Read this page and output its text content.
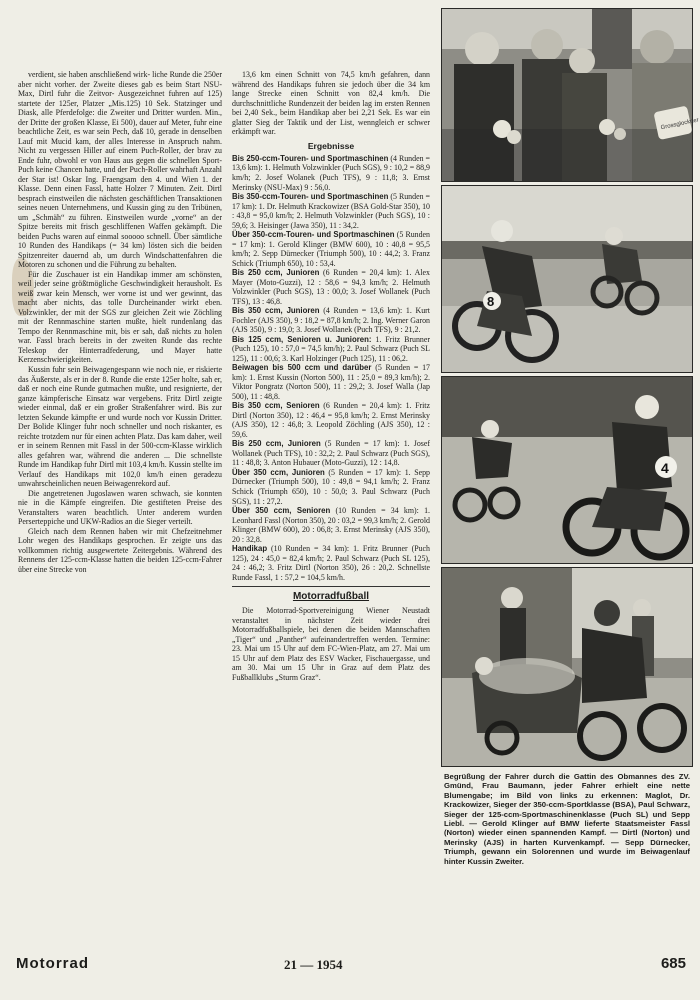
verdient, sie haben anschließend wirk- liche Runde die 250er aber nicht vorher. der Zweite dieses gab es beim Start NSU-Max, Dirtl fuhr die Zeitvor- Ausgezeichnet fuhren auf 125) startete der 125er, Platzer „Mis.125) 10 Sek. Statzinger und Diask, alle Pferdefolge: die Zweiter und Dritter wurden. Min., der Dritte der großen Klasse, Ei 500), dauer auf Meter, fuhr eine beachtliche Zeit, es war sein Pech, daß 10, gerade in denselben Lauf mit Mucid kam, der alles Interesse in Anspruch nahm. Nicht zu vergessen Hiller auf einem Puch-Roller, der brav zu Ende fuhr, obwohl er von Haus aus gegen die schnellen Sport-Puch keine Chancen hatte, und der Puch-Roller wahrhaft Anzahl der Star ist! Oskar Ing. Fraengsam den 4. und Wien 1. der Klasse. Denn einen Fassl, hatte Holzer 7 Minuten. Zeit. Dirtl besprach einstweilen die nächsten geschäftlichen Transaktionen seines neuen Unternehmens, und Kussin ging zu den Tribünen, um „Schmäh“ zu führen. Einstweilen wurde „vorne“ an der Spitze bereits mit frisch geschliffenen Waffen gekämpft. Die beiden Puchs waren auf einmal sooooo schnell. Über sämtliche 10 Runden des Handikaps (= 34 km) lösten sich die beiden Spitzenreiter dauernd ab, um durch Windschattenfahren die Motoren zu schonen und die Führung zu behalten.

Für die Zuschauer ist ein Handikap immer am schönsten, weil jeder seine größtmögliche Geschwindigkeit herausholt. Es weiß zwar kein Mensch, wer vorne ist und wer gewinnt, das macht aber nichts, das tolle Durcheinander wirkt eben. Volzwinkler, der mit der SGS zur gleichen Zeit wie Zöchling mit der Rennmaschine starten mußte, hielt rundenlang das Tempo der Rennmaschine mit, bis er sah, daß nichts zu holen war. Fassl brach bereits in der zweiten Runde das rechte Teleskop der Hinterradfederung, und Mayer hatte Kerzenschwierigkeiten.

Kussin fuhr sein Beiwagengespann wie noch nie, er riskierte das Äußerste, als er in der 8. Runde die erste 125er holte, sah er, daß er noch eine Runde gutmachen mußte, und resignierte, der ganze kämpferische Einsatz war vergebens. Fritz Dirtl zeigte wieder einmal, daß er ein großer Straßenfahrer wird. Bis zur letzten Sekunde kämpfte er und wurde noch vor Kussin Dritter. Der Bolide Klinger fuhr noch schneller und noch riskanter, es reichte trotzdem nur für einen achten Platz. Das kam daher, weil er in seinem Rennen mit Fassl in der 500-ccm-Klasse wirklich alles gefahren war, während die anderen ... Die schnellste Runde im Handikap fuhr Dirtl mit 103,4 km/h. Kussin stellte im Verlauf des Handikaps mit 102,0 km/h einen geradezu unwahrscheinlichen neuen Beiwagenrekord auf.

Die angetretenen Jugoslawen waren schwach, sie konnten nie in die Kämpfe eingreifen. Die gestifteten Preise des Veranstalters waren beachtlich. Unter anderem wurden Perserteppiche und UKW-Radios an die Sieger verteilt.

Gleich nach dem Rennen haben wir mit Chefzeitnehmer Lohr wegen des Handikaps gesprochen. Er zeigte uns das vollkommen richtig ausgewertete Zeitergebnis. Während des Rennens der 125-ccm-Klasse hatten die beiden 125-ccm-Fahrer über eine Strecke von

13,6 km einen Schnitt von 74,5 km/h gefahren, dann während des Handikaps fuhren sie jedoch über die 34 km lange Strecke einen Schnitt von 82,4 km/h. Die durchschnittliche Rundenzeit der beiden lag im ersten Rennen bei 2,40 Sek., beim Handikap aber bei 2,21 Sek. Es war ein glatter Sieg der Taktik und der List, wenngleich er schwer erkämpft war.

Ergebnisse

Bis 250-ccm-Touren- und Sportmaschinen (4 Runden = 13,6 km): 1. Helmuth Volzwinkler (Puch SGS), 9 : 10,2 = 88,9 km/h; 2. Josef Wolanek (Puch TFS), 9 : 11,8; 3. Ernst Merinsky (NSU-Max) 9 : 56,0.

Bis 350-ccm-Touren- und Sportmaschinen (5 Runden = 17 km): 1. Dr. Helmuth Krackowizer (BSA Gold-Star 350), 10 : 43,8 = 95,0 km/h; 2. Helmuth Volzwinkler (Puch SGS), 10 : 59,6; 3. Heisinger (Jawa 350), 11 : 34,2.

Über 350-ccm-Touren- und Sportmaschinen (5 Runden = 17 km): 1. Gerold Klinger (BMW 600), 10 : 40,8 = 95,5 km/h; 2. Sepp Dürnecker (Triumph 500), 10 : 44,2; 3. Franz Schick (Triumph 650), 10 : 53,4.

Bis 250 ccm, Junioren (6 Runden = 20,4 km): 1. Alex Mayer (Moto-Guzzi), 12 : 58,6 = 94,3 km/h; 2. Helmuth Volzwinkler (Puch SGS), 13 : 00,0; 3. Josef Wollanek (Puch TFS), 13 : 46,8.

Bis 350 ccm, Junioren (4 Runden = 13,6 km): 1. Kurt Fochler (AJS 350), 9 : 18,2 = 87,8 km/h; 2. Ing. Werner Garon (AJS 350), 9 : 19,0; 3. Josef Wollanek (Puch TFS), 9 : 21,2.

Bis 125 ccm, Senioren u. Junioren: 1. Fritz Brunner (Puch 125), 10 : 57,0 = 74,5 km/h); 2. Paul Schwarz (Puch SL 125), 11 : 00,6; 3. Karl Holzinger (Puch 125), 11 : 06,2.

Beiwagen bis 500 ccm und darüber (5 Runden = 17 km): 1. Ernst Kussin (Norton 500), 11 : 25,0 = 89,3 km/h); 2. Viktor Pongratz (Norton 500), 11 : 29,2; 3. Josef Walla (Jap 500), 11 : 48,8.

Bis 350 ccm, Senioren (6 Runden = 20,4 km): 1. Fritz Dirtl (Norton 350), 12 : 46,4 = 95,8 km/h; 2. Ernst Merinsky (AJS 350), 12 : 46,8; 3. Leopold Zöchling (AJS 350), 12 : 59,6.

Bis 250 ccm, Junioren (5 Runden = 17 km): 1. Josef Wollanek (Puch TFS), 10 : 32,2; 2. Paul Schwarz (Puch SGS), 11 : 48,8; 3. Anton Hubauer (Moto-Guzzi), 12 : 14,8.

Über 350 ccm, Junioren (5 Runden = 17 km): 1. Sepp Dürnecker (Triumph 500), 10 : 49,8 = 94,1 km/h; 2. Franz Schick (Triumph 650), 10 : 50,0; 3. Paul Schwarz (Puch SGS), 11 : 27,2.

Über 350 ccm, Senioren (10 Runden = 34 km): 1. Leonhard Fassl (Norton 350), 20 : 03,2 = 99,3 km/h; 2. Gerold Klinger (BMW 600), 20 : 06,8; 3. Ernst Merinsky (AJS 350), 20 : 32,8.

Handikap (10 Runden = 34 km): 1. Fritz Brunner (Puch 125), 24 : 45,0 = 82,4 km/h; 2. Paul Schwarz (Puch SL 125), 24 : 46,2; 3. Fritz Dirtl (Norton 350), 26 : 20,2. Schnellste Runde Fassl, 1 : 57,2 = 104,5 km/h.

Motorradfußball

Die Motorrad-Sportvereinigung Wiener Neustadt veranstaltet in nächster Zeit wieder drei Motorradfußballspiele, bei denen die beiden Mannschaften „Tiger“ und „Panther“ aufeinandertreffen werden. Termine: 23. Mai um 15 Uhr auf dem FC-Wien-Platz, am 27. Mai um 15 Uhr auf dem Platz des ESV Wacker, Fischauergasse, und am 30. Mai um 15 Uhr in Graz auf dem Platz des Fußballklubs „Sturm Graz“.

Grossglockner
8
4
Begrüßung der Fahrer durch die Gattin des Obmannes des ZV. Gmünd, Frau Baumann, jeder Fahrer erhielt eine nette Blumengabe; im Bild von links zu erkennen: Maglot, Dr. Krackowizer, Sieger der 350-ccm-Sportklasse (BSA), Paul Schwarz, Sieger der 125-ccm-Sportmaschinenklasse (Puch SL) und Sepp Liebl. — Gerold Klinger auf BMW lieferte Staatsmeister Fassl (Norton) wieder einen spannenden Kampf. — Dirtl (Norton) und Merinsky (AJS) in harten Kurvenkampf. — Sepp Dürnecker, Triumph, gewann ein Solorennen und wurde im Beiwagenlauf hinter Kussin Zweiter.
Motorrad	21 — 1954	685
